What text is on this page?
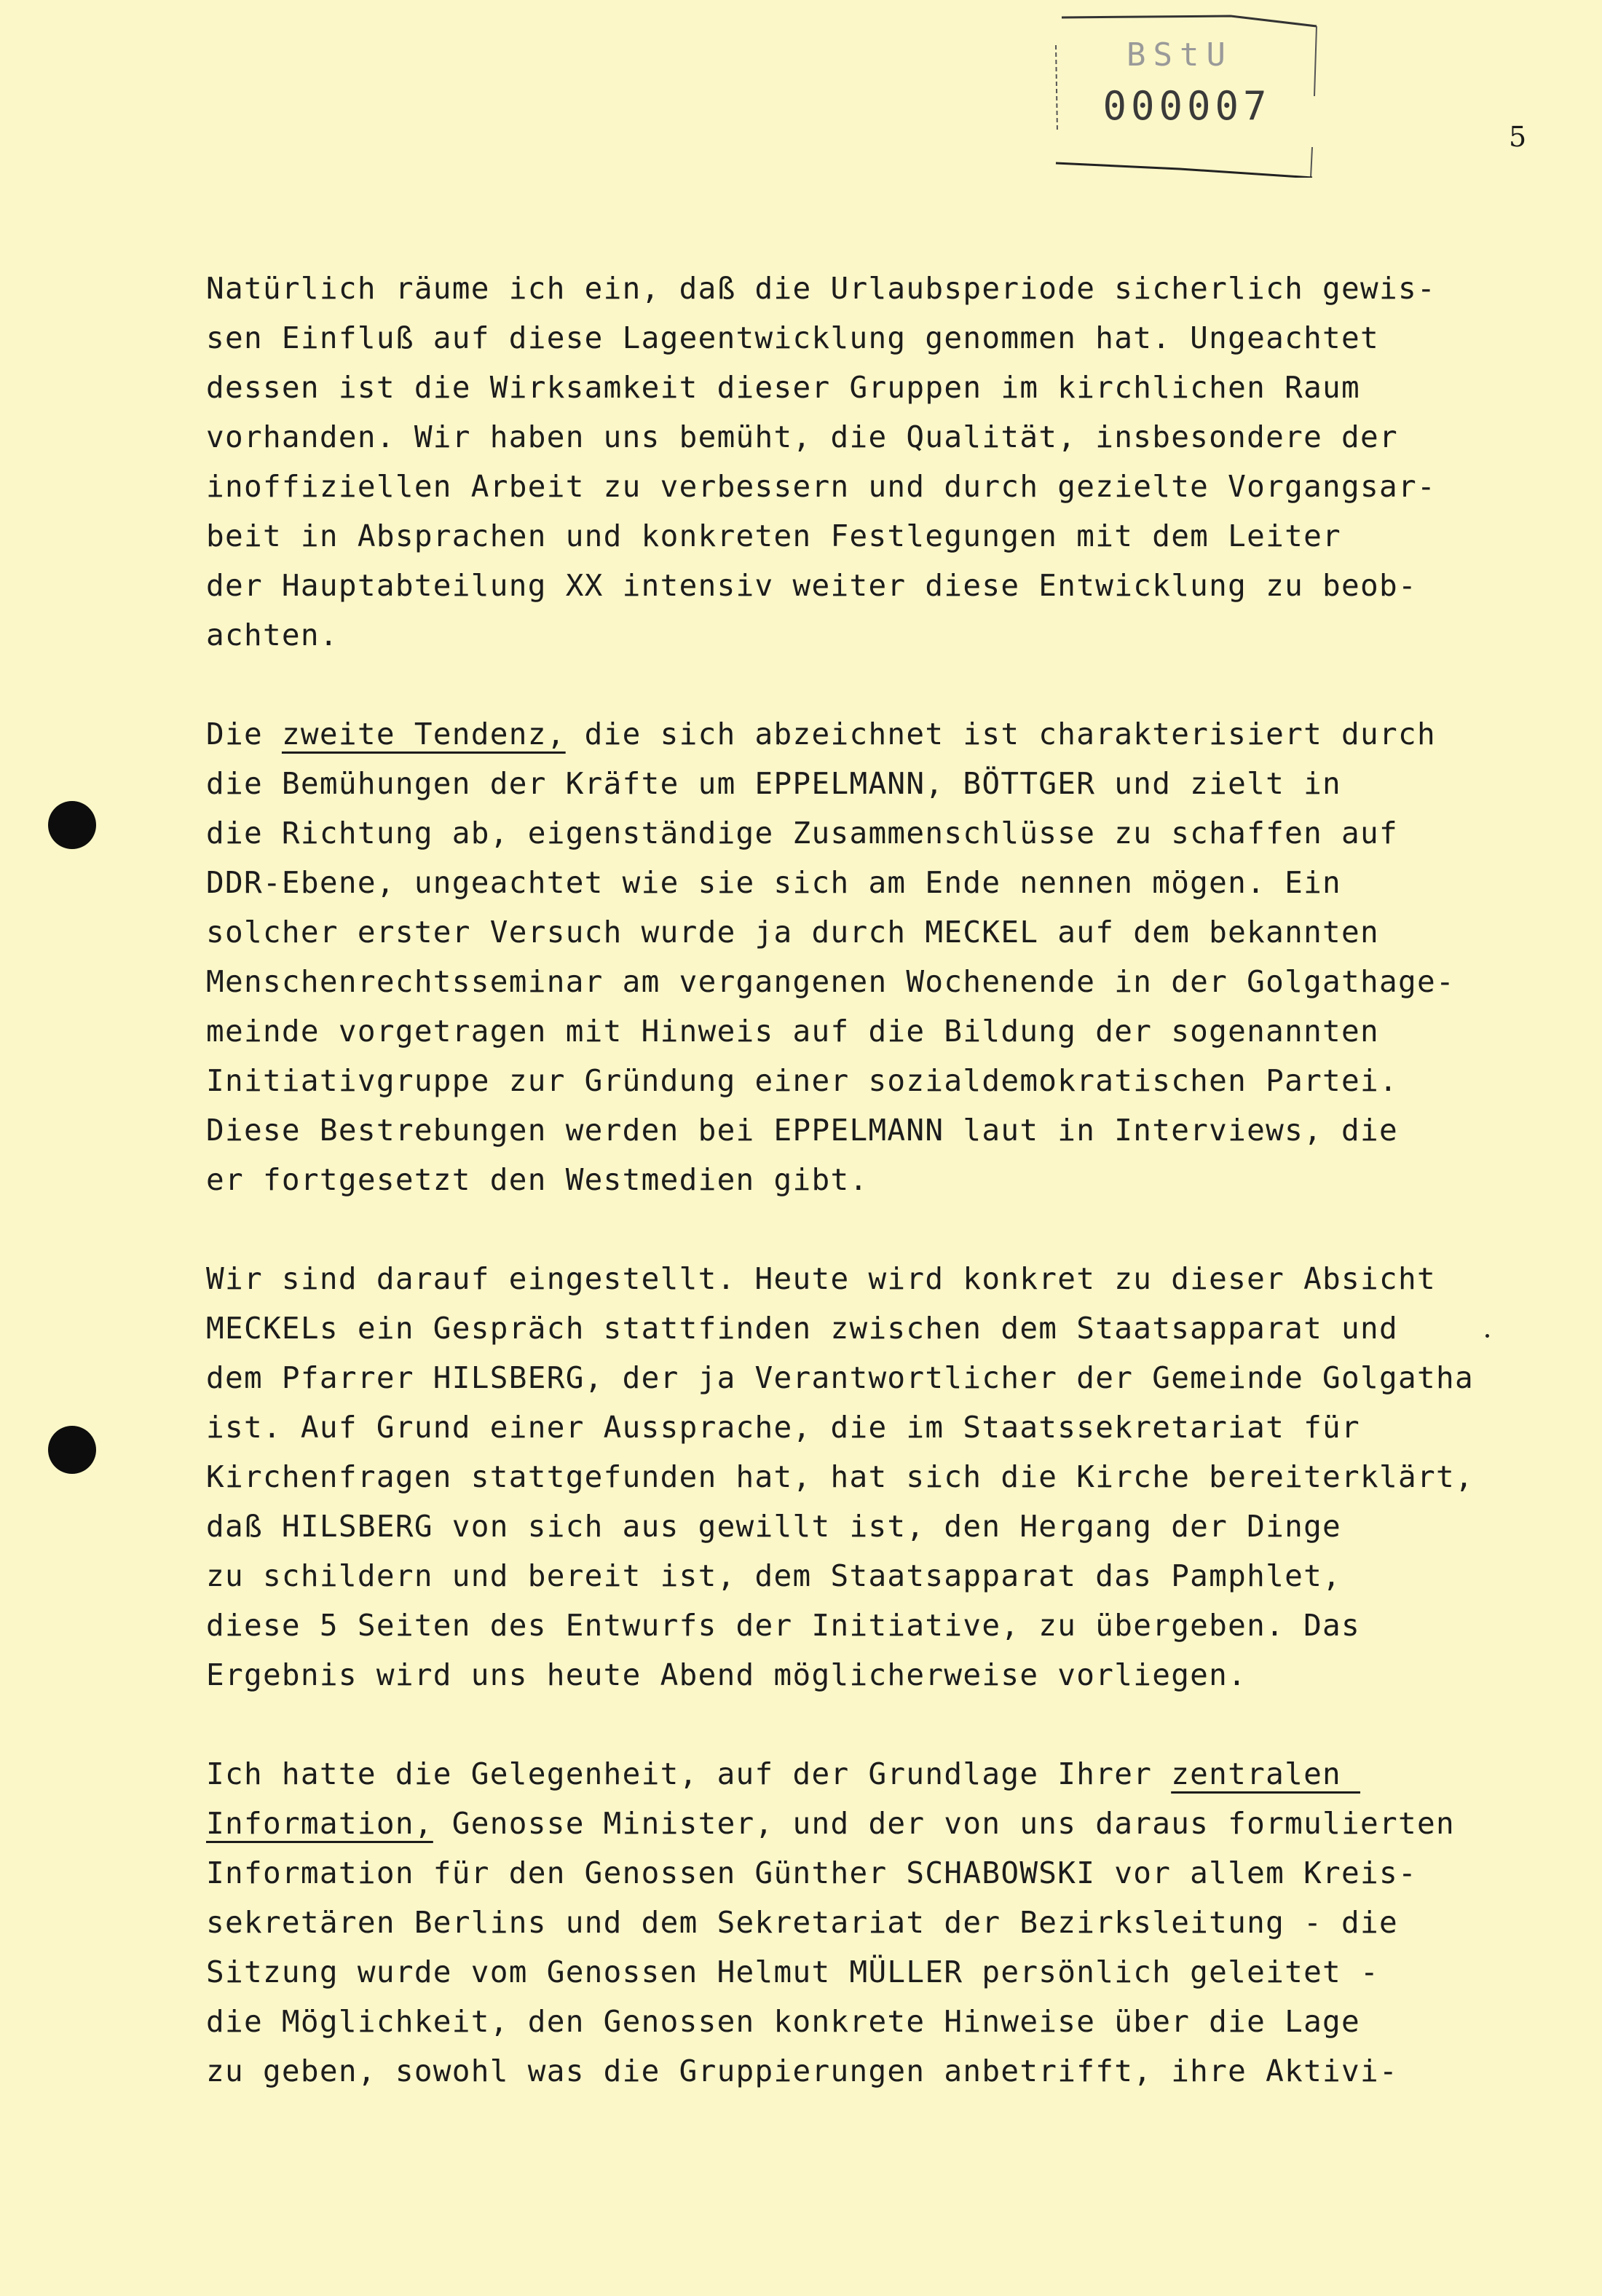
BStU
000007
5
Natürlich räume ich ein, daß die Urlaubsperiode sicherlich gewis-
sen Einfluß auf diese Lageentwicklung genommen hat. Ungeachtet
dessen ist die Wirksamkeit dieser Gruppen im kirchlichen Raum
vorhanden. Wir haben uns bemüht, die Qualität, insbesondere der
inoffiziellen Arbeit zu verbessern und durch gezielte Vorgangsar-
beit in Absprachen und konkreten Festlegungen mit dem Leiter
der Hauptabteilung XX intensiv weiter diese Entwicklung zu beob-
achten.
Die zweite Tendenz, die sich abzeichnet ist charakterisiert durch
die Bemühungen der Kräfte um EPPELMANN, BÖTTGER und zielt in
die Richtung ab, eigenständige Zusammenschlüsse zu schaffen auf
DDR-Ebene, ungeachtet wie sie sich am Ende nennen mögen. Ein
solcher erster Versuch wurde ja durch MECKEL auf dem bekannten
Menschenrechtsseminar am vergangenen Wochenende in der Golgathage-
meinde vorgetragen mit Hinweis auf die Bildung der sogenannten
Initiativgruppe zur Gründung einer sozialdemokratischen Partei.
Diese Bestrebungen werden bei EPPELMANN laut in Interviews, die
er fortgesetzt den Westmedien gibt.
Wir sind darauf eingestellt. Heute wird konkret zu dieser Absicht
MECKELs ein Gespräch stattfinden zwischen dem Staatsapparat und
dem Pfarrer HILSBERG, der ja Verantwortlicher der Gemeinde Golgatha
ist. Auf Grund einer Aussprache, die im Staatssekretariat für
Kirchenfragen stattgefunden hat, hat sich die Kirche bereiterklärt,
daß HILSBERG von sich aus gewillt ist, den Hergang der Dinge
zu schildern und bereit ist, dem Staatsapparat das Pamphlet,
diese 5 Seiten des Entwurfs der Initiative, zu übergeben. Das
Ergebnis wird uns heute Abend möglicherweise vorliegen.
Ich hatte die Gelegenheit, auf der Grundlage Ihrer zentralen
Information, Genosse Minister, und der von uns daraus formulierten
Information für den Genossen Günther SCHABOWSKI vor allem Kreis-
sekretären Berlins und dem Sekretariat der Bezirksleitung - die
Sitzung wurde vom Genossen Helmut MÜLLER persönlich geleitet -
die Möglichkeit, den Genossen konkrete Hinweise über die Lage
zu geben, sowohl was die Gruppierungen anbetrifft, ihre Aktivi-
